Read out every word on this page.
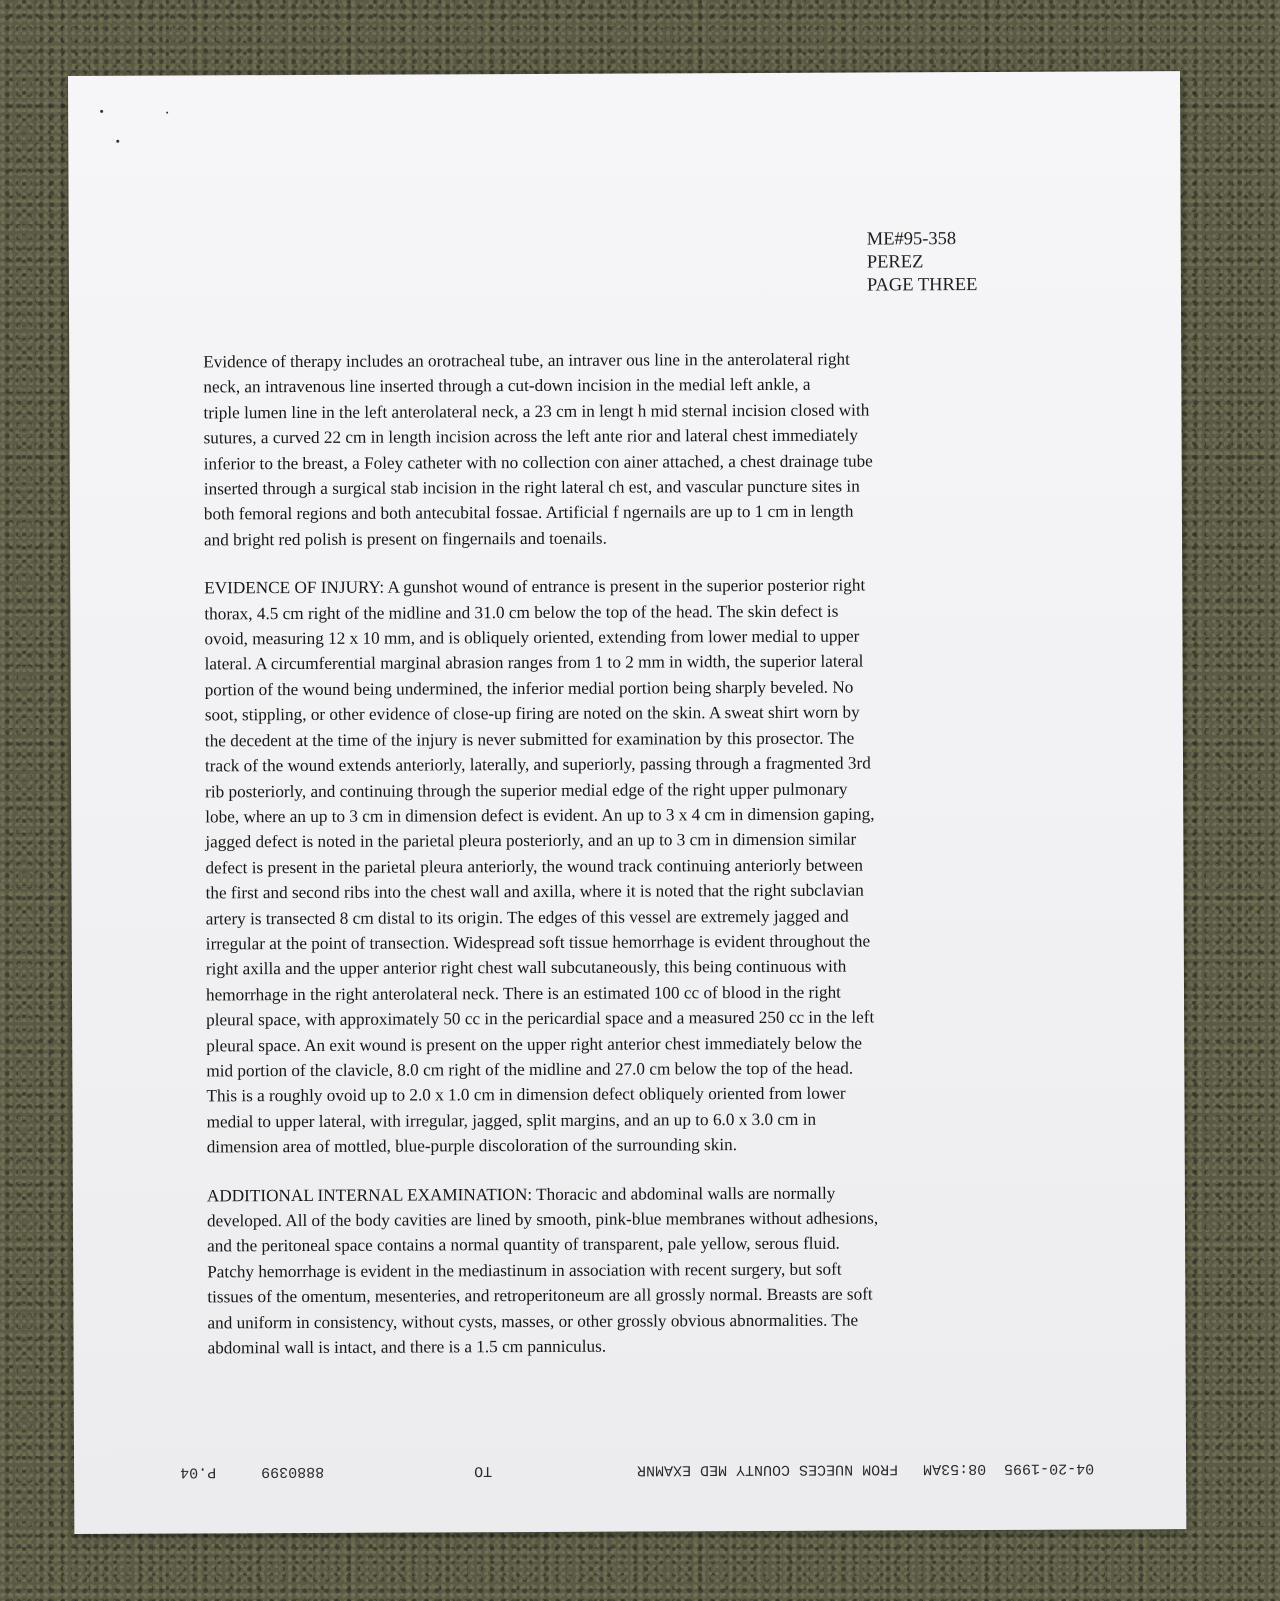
ME#95-358
PEREZ
PAGE THREE

Evidence of therapy includes an orotracheal tube, an intraver ous line in the anterolateral right
neck, an intravenous line inserted through a cut-down incision in the medial left ankle, a
triple lumen line in the left anterolateral neck, a 23 cm in lengt h mid sternal incision closed with
sutures, a curved 22 cm in length incision across the left ante rior and lateral chest immediately
inferior to the breast, a Foley catheter with no collection con ainer attached, a chest drainage tube
inserted through a surgical stab incision in the right lateral ch est, and vascular puncture sites in
both femoral regions and both antecubital fossae. Artificial f ngernails are up to 1 cm in length
and bright red polish is present on fingernails and toenails.

EVIDENCE OF INJURY: A gunshot wound of entrance is present in the superior posterior right
thorax, 4.5 cm right of the midline and 31.0 cm below the top of the head. The skin defect is
ovoid, measuring 12 x 10 mm, and is obliquely oriented, extending from lower medial to upper
lateral. A circumferential marginal abrasion ranges from 1 to 2 mm in width, the superior lateral
portion of the wound being undermined, the inferior medial portion being sharply beveled. No
soot, stippling, or other evidence of close-up firing are noted on the skin. A sweat shirt worn by
the decedent at the time of the injury is never submitted for examination by this prosector. The
track of the wound extends anteriorly, laterally, and superiorly, passing through a fragmented 3rd
rib posteriorly, and continuing through the superior medial edge of the right upper pulmonary
lobe, where an up to 3 cm in dimension defect is evident. An up to 3 x 4 cm in dimension gaping,
jagged defect is noted in the parietal pleura posteriorly, and an up to 3 cm in dimension similar
defect is present in the parietal pleura anteriorly, the wound track continuing anteriorly between
the first and second ribs into the chest wall and axilla, where it is noted that the right subclavian
artery is transected 8 cm distal to its origin. The edges of this vessel are extremely jagged and
irregular at the point of transection. Widespread soft tissue hemorrhage is evident throughout the
right axilla and the upper anterior right chest wall subcutaneously, this being continuous with
hemorrhage in the right anterolateral neck. There is an estimated 100 cc of blood in the right
pleural space, with approximately 50 cc in the pericardial space and a measured 250 cc in the left
pleural space. An exit wound is present on the upper right anterior chest immediately below the
mid portion of the clavicle, 8.0 cm right of the midline and 27.0 cm below the top of the head.
This is a roughly ovoid up to 2.0 x 1.0 cm in dimension defect obliquely oriented from lower
medial to upper lateral, with irregular, jagged, split margins, and an up to 6.0 x 3.0 cm in
dimension area of mottled, blue-purple discoloration of the surrounding skin.

ADDITIONAL INTERNAL EXAMINATION: Thoracic and abdominal walls are normally
developed. All of the body cavities are lined by smooth, pink-blue membranes without adhesions,
and the peritoneal space contains a normal quantity of transparent, pale yellow, serous fluid.
Patchy hemorrhage is evident in the mediastinum in association with recent surgery, but soft
tissues of the omentum, mesenteries, and retroperitoneum are all grossly normal. Breasts are soft
and uniform in consistency, without cysts, masses, or other grossly obvious abnormalities. The
abdominal wall is intact, and there is a 1.5 cm panniculus.

04-20-1995
08:53AM
FROM NUECES COUNTY MED EXAMNR
TO
8880399
P.04
